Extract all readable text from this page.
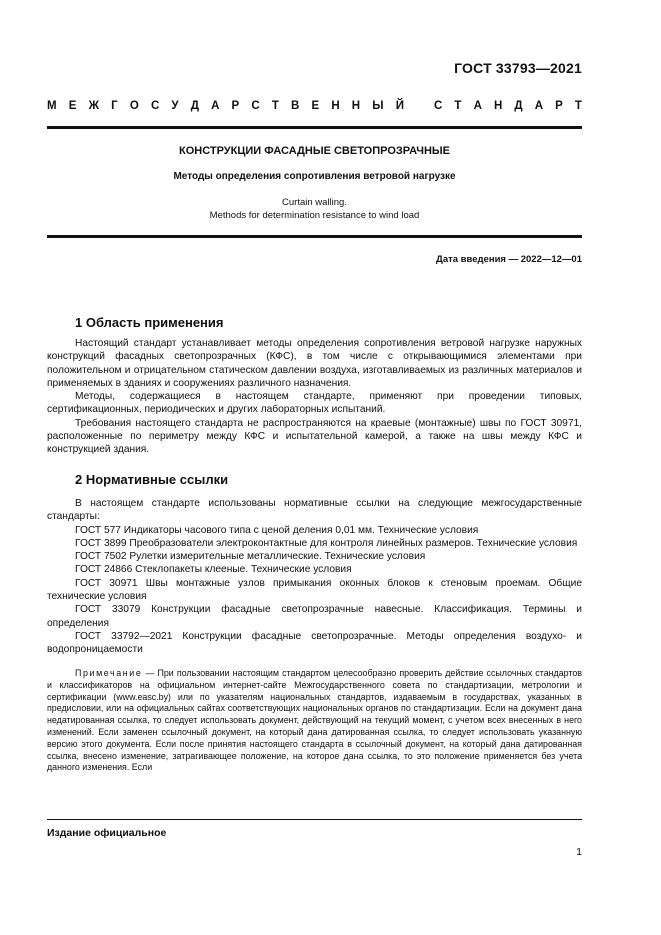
ГОСТ 33793—2021
М Е Ж Г О С У Д А Р С Т В Е Н Н Ы Й	С Т А Н Д А Р Т
КОНСТРУКЦИИ ФАСАДНЫЕ СВЕТОПРОЗРАЧНЫЕ
Методы определения сопротивления ветровой нагрузке
Curtain walling.
Methods for determination resistance to wind load
Дата введения — 2022—12—01
1 Область применения

Настоящий стандарт устанавливает методы определения сопротивления ветровой нагрузке наружных конструкций фасадных светопрозрачных (КФС), в том числе с открывающимися элементами при положительном и отрицательном статическом давлении воздуха, изготавливаемых из различных материалов и применяемых в зданиях и сооружениях различного назначения.

Методы, содержащиеся в настоящем стандарте, применяют при проведении типовых, сертификационных, периодических и других лабораторных испытаний.

Требования настоящего стандарта не распространяются на краевые (монтажные) швы по ГОСТ 30971, расположенные по периметру между КФС и испытательной камерой, а также на швы между КФС и конструкцией здания.

2 Нормативные ссылки

В настоящем стандарте использованы нормативные ссылки на следующие межгосударственные стандарты:

ГОСТ 577 Индикаторы часового типа с ценой деления 0,01 мм. Технические условия

ГОСТ 3899 Преобразователи электроконтактные для контроля линейных размеров. Технические условия

ГОСТ 7502 Рулетки измерительные металлические. Технические условия

ГОСТ 24866 Стеклопакеты клееные. Технические условия

ГОСТ 30971 Швы монтажные узлов примыкания оконных блоков к стеновым проемам. Общие технические условия

ГОСТ 33079 Конструкции фасадные светопрозрачные навесные. Классификация. Термины и определения

ГОСТ 33792—2021 Конструкции фасадные светопрозрачные. Методы определения воздухо- и водопроницаемости

Примечание — При пользовании настоящим стандартом целесообразно проверить действие ссылочных стандартов и классификаторов на официальном интернет-сайте Межгосударственного совета по стандартизации, метрологии и сертификации (www.easc.by) или по указателям национальных стандартов, издаваемым в государствах, указанных в предисловии, или на официальных сайтах соответствующих национальных органов по стандартизации. Если на документ дана недатированная ссылка, то следует использовать документ, действующий на текущий момент, с учетом всех внесенных в него изменений. Если заменен ссылочный документ, на который дана датированная ссылка, то следует использовать указанную версию этого документа. Если после принятия настоящего стандарта в ссылочный документ, на который дана датированная ссылка, внесено изменение, затрагивающее положение, на которое дана ссылка, то это положение применяется без учета данного изменения. Если

Издание официальное
1
